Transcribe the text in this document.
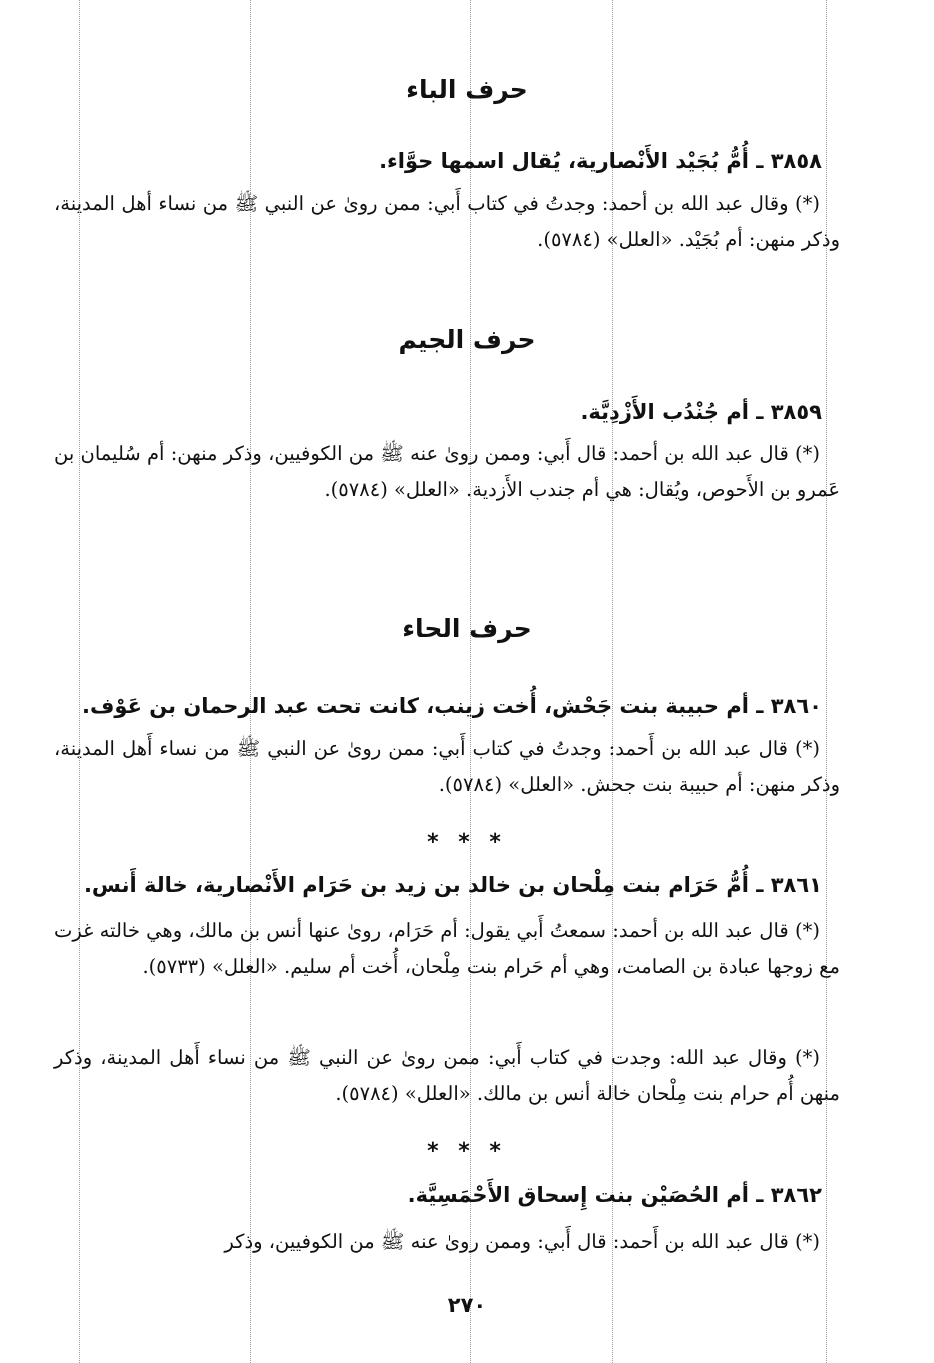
حرف الباء
٣٨٥٨ ـ أُمُّ بُجَيْد الأَنْصارية، يُقال اسمها حوَّاء.
(*) وقال عبد الله بن أحمد: وجدتُ في كتاب أَبي: ممن روىٰ عن النبي ﷺ من نساء أهل المدينة، وذكر منهن: أم بُجَيْد. «العلل» (٥٧٨٤).
حرف الجيم
٣٨٥٩ ـ أم جُنْدُب الأَزْدِيَّة.
(*) قال عبد الله بن أحمد: قال أَبي: وممن روىٰ عنه ﷺ من الكوفيين، وذكر منهن: أم سُليمان بن عَمرو بن الأَحوص، ويُقال: هي أم جندب الأَزدية. «العلل» (٥٧٨٤).
حرف الحاء
٣٨٦٠ ـ أم حبيبة بنت جَحْش، أُخت زينب، كانت تحت عبد الرحمان بن عَوْف.
(*) قال عبد الله بن أَحمد: وجدتُ في كتاب أَبي: ممن روىٰ عن النبي ﷺ من نساء أَهل المدينة، وذكر منهن: أم حبيبة بنت جحش. «العلل» (٥٧٨٤).
* * *
٣٨٦١ ـ أُمُّ حَرَام بنت مِلْحان بن خالد بن زيد بن حَرَام الأَنْصارية، خالة أَنس.
(*) قال عبد الله بن أحمد: سمعتُ أَبي يقول: أم حَرَام، روىٰ عنها أنس بن مالك، وهي خالته غزت مع زوجها عبادة بن الصامت، وهي أم حَرام بنت مِلْحان، أُخت أم سليم. «العلل» (٥٧٣٣).
(*) وقال عبد الله: وجدت في كتاب أَبي: ممن روىٰ عن النبي ﷺ من نساء أَهل المدينة، وذكر منهن أُم حرام بنت مِلْحان خالة أنس بن مالك. «العلل» (٥٧٨٤).
* * *
٣٨٦٢ ـ أم الحُصَيْن بنت إِسحاق الأَحْمَسِيَّة.
(*) قال عبد الله بن أَحمد: قال أَبي: وممن روىٰ عنه ﷺ من الكوفيين، وذكر
٢٧٠
